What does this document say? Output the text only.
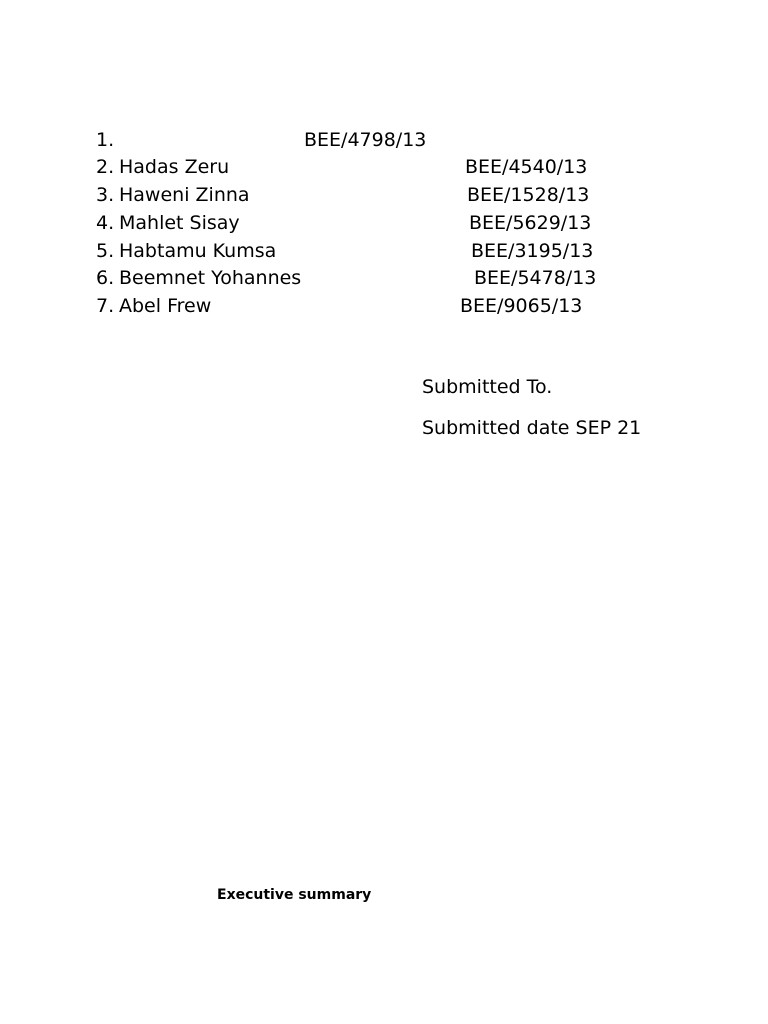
1.	BEE/4798/13
2. Hadas Zeru	BEE/4540/13
3. Haweni Zinna	BEE/1528/13
4. Mahlet Sisay	BEE/5629/13
5. Habtamu Kumsa	BEE/3195/13
6. Beemnet Yohannes	BEE/5478/13
7. Abel Frew	BEE/9065/13
Submitted To.
Submitted date SEP 21
Executive summary
